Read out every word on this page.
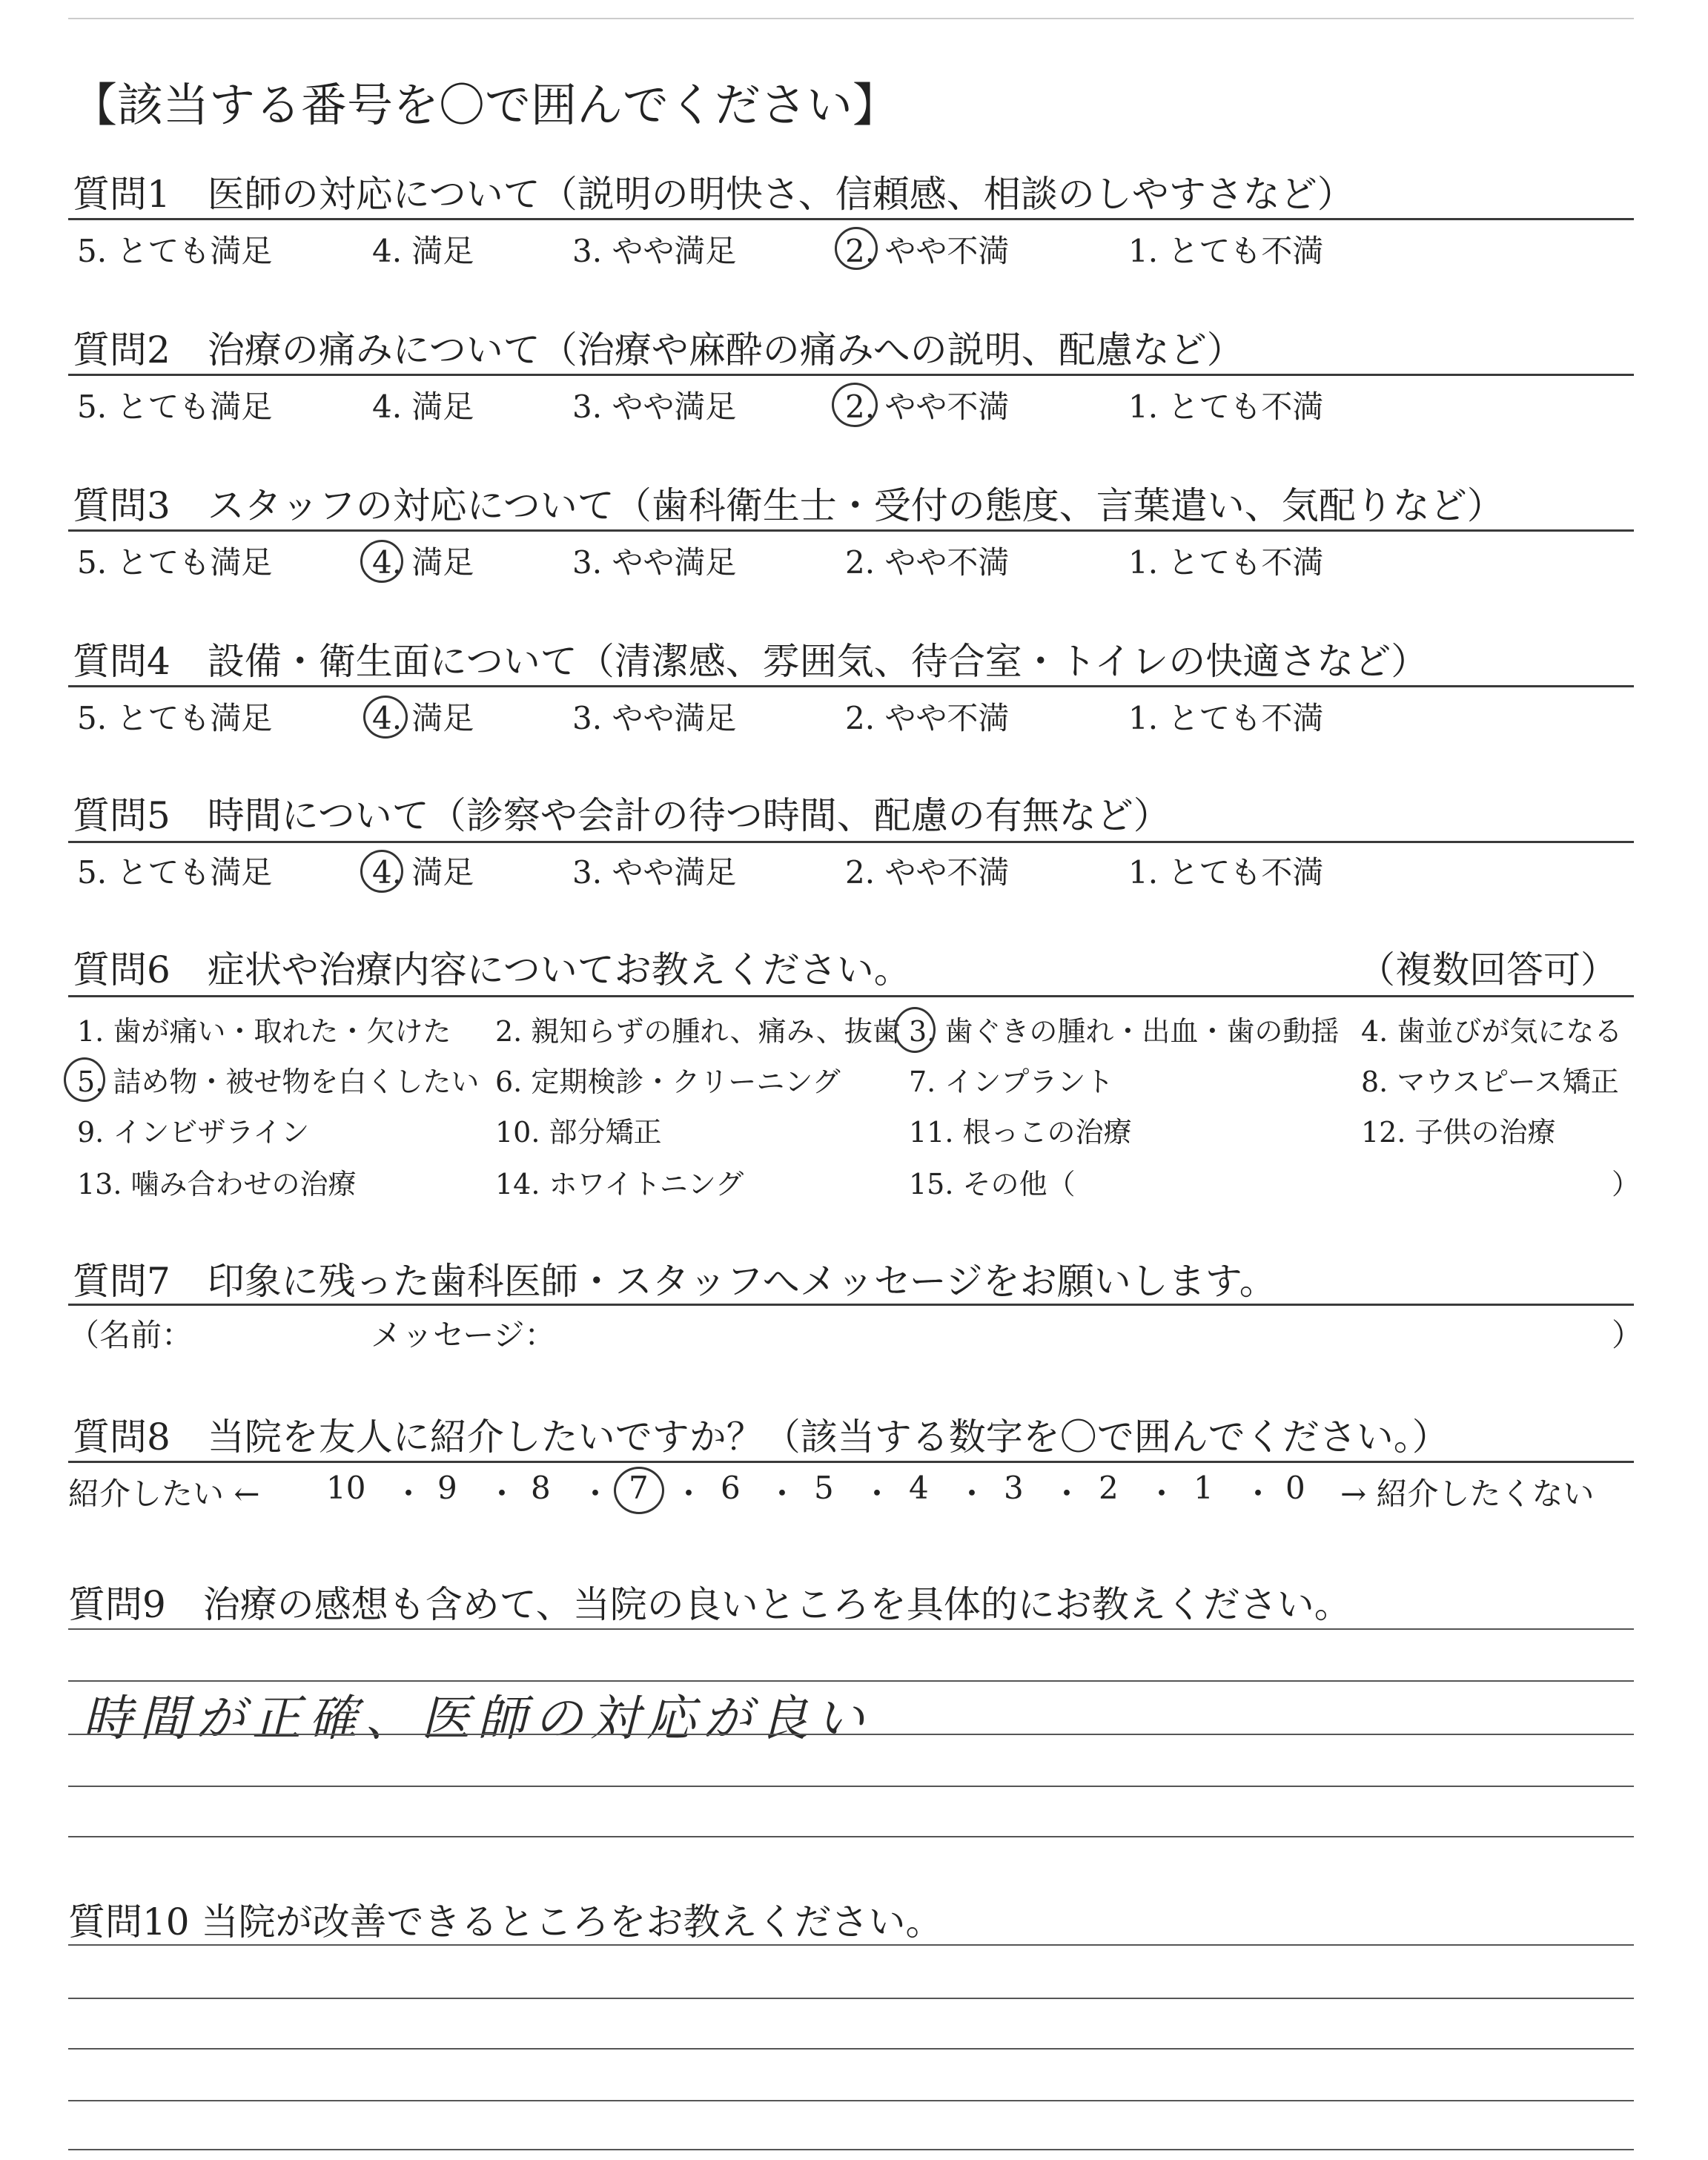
【該当する番号を〇で囲んでください】
質問1　医師の対応について（説明の明快さ、信頼感、相談のしやすさなど）
5. とても満足	4. 満足	3. やや満足	2. やや不満	1. とても不満
質問2　治療の痛みについて（治療や麻酔の痛みへの説明、配慮など）
5. とても満足	4. 満足	3. やや満足	2. やや不満	1. とても不満
質問3　スタッフの対応について（歯科衛生士・受付の態度、言葉遣い、気配りなど）
5. とても満足	4. 満足	3. やや満足	2. やや不満	1. とても不満
質問4　設備・衛生面について（清潔感、雰囲気、待合室・トイレの快適さなど）
5. とても満足	4. 満足	3. やや満足	2. やや不満	1. とても不満
質問5　時間について（診察や会計の待つ時間、配慮の有無など）
5. とても満足	4. 満足	3. やや満足	2. やや不満	1. とても不満
質問6　症状や治療内容についてお教えください。	（複数回答可）
1. 歯が痛い・取れた・欠けた 2. 親知らずの腫れ、痛み、抜歯 3. 歯ぐきの腫れ・出血・歯の動揺 4. 歯並びが気になる
5. 詰め物・被せ物を白くしたい 6. 定期検診・クリーニング 7. インプラント	8. マウスピース矯正
9. インビザライン	10. 部分矯正	11. 根っこの治療	12. 子供の治療
13. 噛み合わせの治療	14. ホワイトニング	15. その他（	）
質問7　印象に残った歯科医師・スタッフへメッセージをお願いします。
（名前：	メッセージ：	）
質問8　当院を友人に紹介したいですか？（該当する数字を〇で囲んでください。）
紹介したい ←	→ 紹介したくない
10 ・ 9 ・ 8 ・ 7 ・ 6 ・ 5 ・ 4 ・ 3 ・ 2 ・ 1 ・ 0
質問9　治療の感想も含めて、当院の良いところを具体的にお教えください。
時間が正確、医師の対応が良い
質問10 当院が改善できるところをお教えください。
